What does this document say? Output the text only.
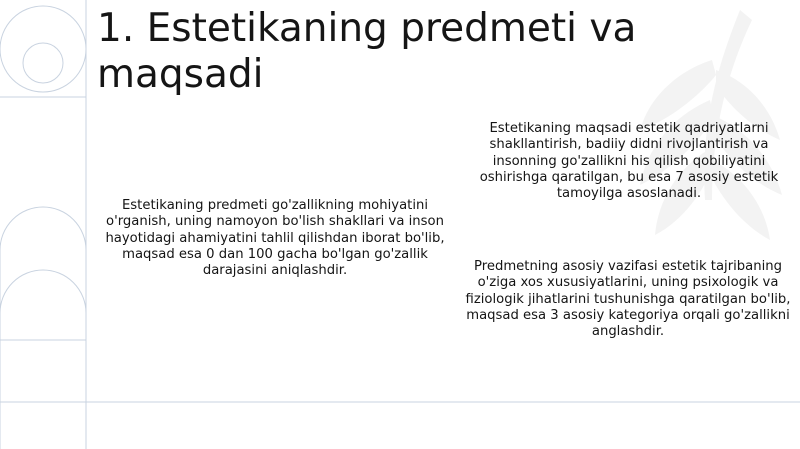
1. Estetikaning predmeti va maqsadi
Estetikaning predmeti go'zallikning mohiyatini o'rganish, uning namoyon bo'lish shakllari va inson hayotidagi ahamiyatini tahlil qilishdan iborat bo'lib, maqsad esa 0 dan 100 gacha bo'lgan go'zallik darajasini aniqlashdir.
Estetikaning maqsadi estetik qadriyatlarni shakllantirish, badiiy didni rivojlantirish va insonning go'zallikni his qilish qobiliyatini oshirishga qaratilgan, bu esa 7 asosiy estetik tamoyilga asoslanadi.
Predmetning asosiy vazifasi estetik tajribaning o'ziga xos xususiyatlarini, uning psixologik va fiziologik jihatlarini tushunishga qaratilgan bo'lib, maqsad esa 3 asosiy kategoriya orqali go'zallikni anglashdir.
